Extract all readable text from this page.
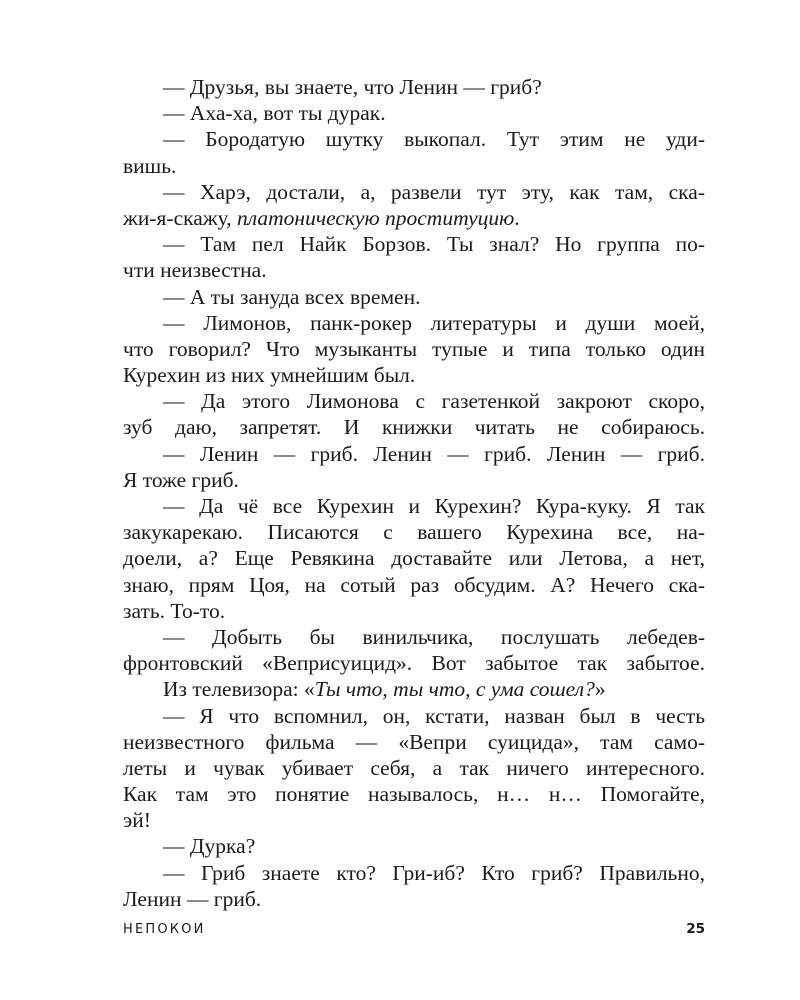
— Друзья, вы знаете, что Ленин — гриб?
— Аха-ха, вот ты дурак.
— Бородатую шутку выкопал. Тут этим не уди-
вишь.
— Харэ, достали, а, развели тут эту, как там, ска-
жи-я-скажу, платоническую проституцию.
— Там пел Найк Борзов. Ты знал? Но группа по-
чти неизвестна.
— А ты зануда всех времен.
— Лимонов, панк-рокер литературы и души моей,
что говорил? Что музыканты тупые и типа только один
Курехин из них умнейшим был.
— Да этого Лимонова с газетенкой закроют скоро,
зуб даю, запретят. И книжки читать не собираюсь.
— Ленин — гриб. Ленин — гриб. Ленин — гриб.
Я тоже гриб.
— Да чё все Курехин и Курехин? Кура-куку. Я так
закукарекаю. Писаются с вашего Курехина все, на-
доели, а? Еще Ревякина доставайте или Летова, а нет,
знаю, прям Цоя, на сотый раз обсудим. А? Нечего ска-
зать. То-то.
— Добыть бы винильчика, послушать лебедев-
фронтовский «Веприсуицид». Вот забытое так забытое.
Из телевизора: «Ты что, ты что, с ума сошел?»
— Я что вспомнил, он, кстати, назван был в честь
неизвестного фильма — «Вепри суицида», там само-
леты и чувак убивает себя, а так ничего интересного.
Как там это понятие называлось, н… н… Помогайте,
эй!
— Дурка?
— Гриб знаете кто? Гри-иб? Кто гриб? Правильно,
Ленин — гриб.
НЕПОКОИ	25
